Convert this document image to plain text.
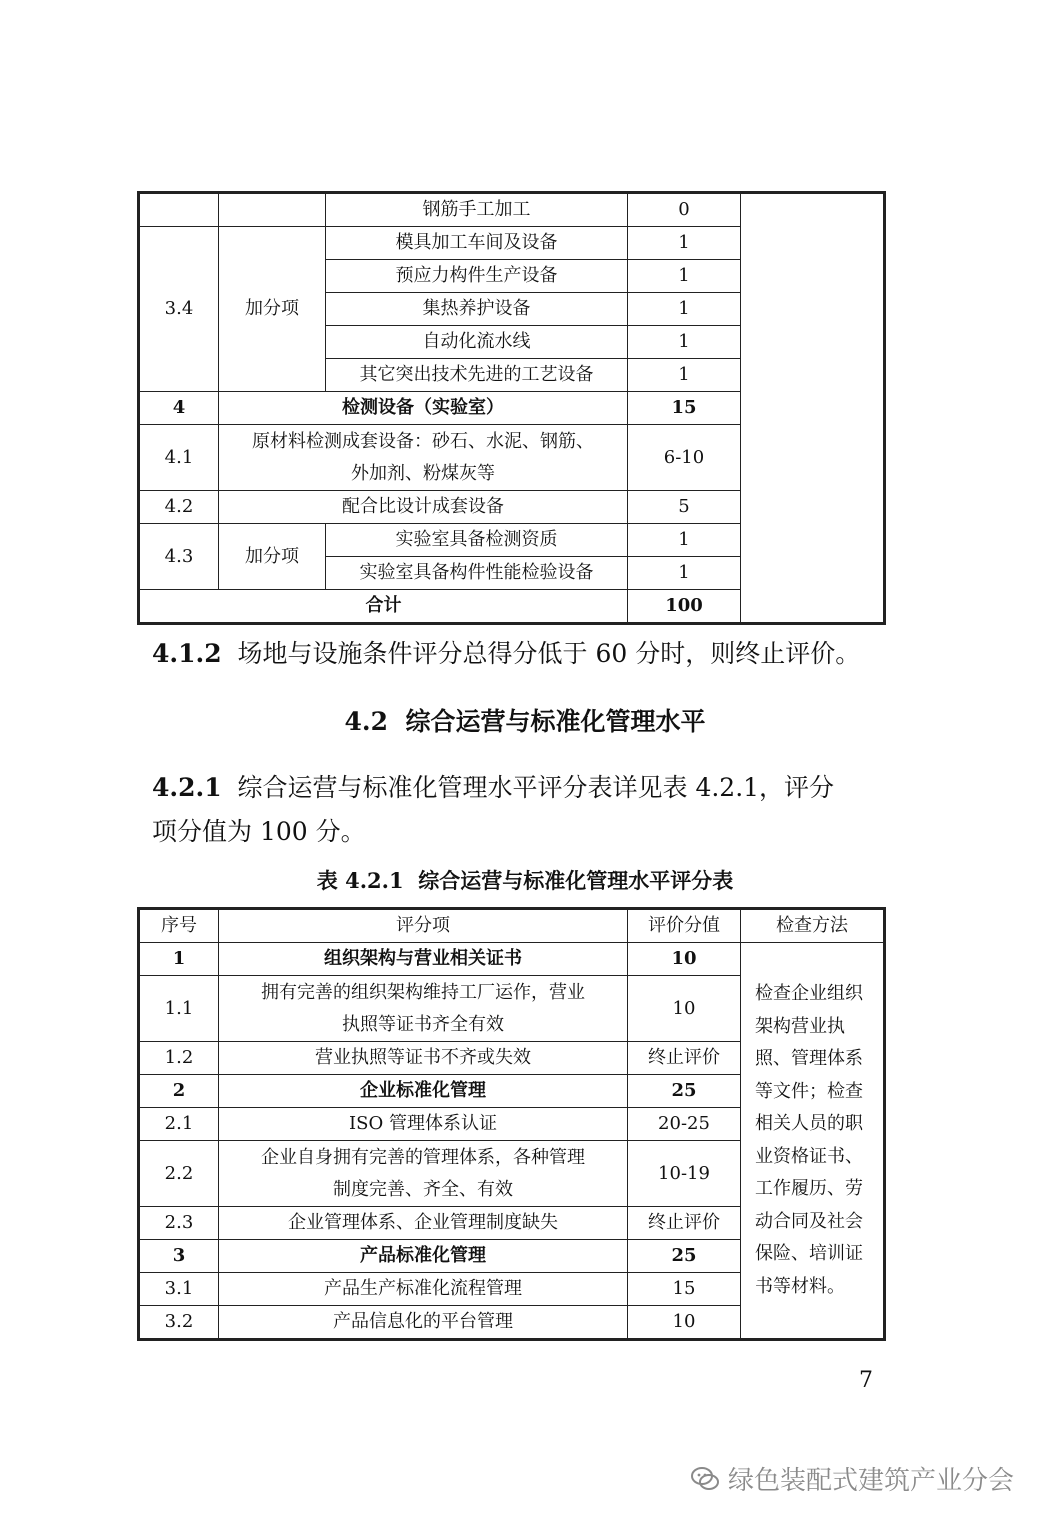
		钢筋手工加工	0	
3.4	加分项	模具加工车间及设备	1	
		预应力构件生产设备	1	
		集热养护设备	1	
		自动化流水线	1	
		其它突出技术先进的工艺设备	1	
4	检测设备（实验室）		15	
4.1	原材料检测成套设备：砂石、水泥、钢筋、
外加剂、粉煤灰等		6-10	
4.2	配合比设计成套设备		5	
4.3	加分项	实验室具备检测资质	1	
		实验室具备构件性能检验设备	1	
合计			100	

4.1.2 场地与设施条件评分总得分低于 60 分时，则终止评价。

4.2 综合运营与标准化管理水平
4.2.1 综合运营与标准化管理水平评分表详见表 4.2.1，评分
项分值为 100 分。
表 4.2.1 综合运营与标准化管理水平评分表
序号	评分项	评价分值	检查方法
1	组织架构与营业相关证书	10	检查企业组织架构营业执照、管理体系等文件；检查相关人员的职业资格证书、工作履历、劳动合同及社会保险、培训证书等材料。
1.1	拥有完善的组织架构维持工厂运作，营业
执照等证书齐全有效	10	
1.2	营业执照等证书不齐或失效	终止评价	
2	企业标准化管理	25	
2.1	ISO 管理体系认证	20-25	
2.2	企业自身拥有完善的管理体系，各种管理
制度完善、齐全、有效	10-19	
2.3	企业管理体系、企业管理制度缺失	终止评价	
3	产品标准化管理	25	
3.1	产品生产标准化流程管理	15	
3.2	产品信息化的平台管理	10	
7
绿色装配式建筑产业分会
